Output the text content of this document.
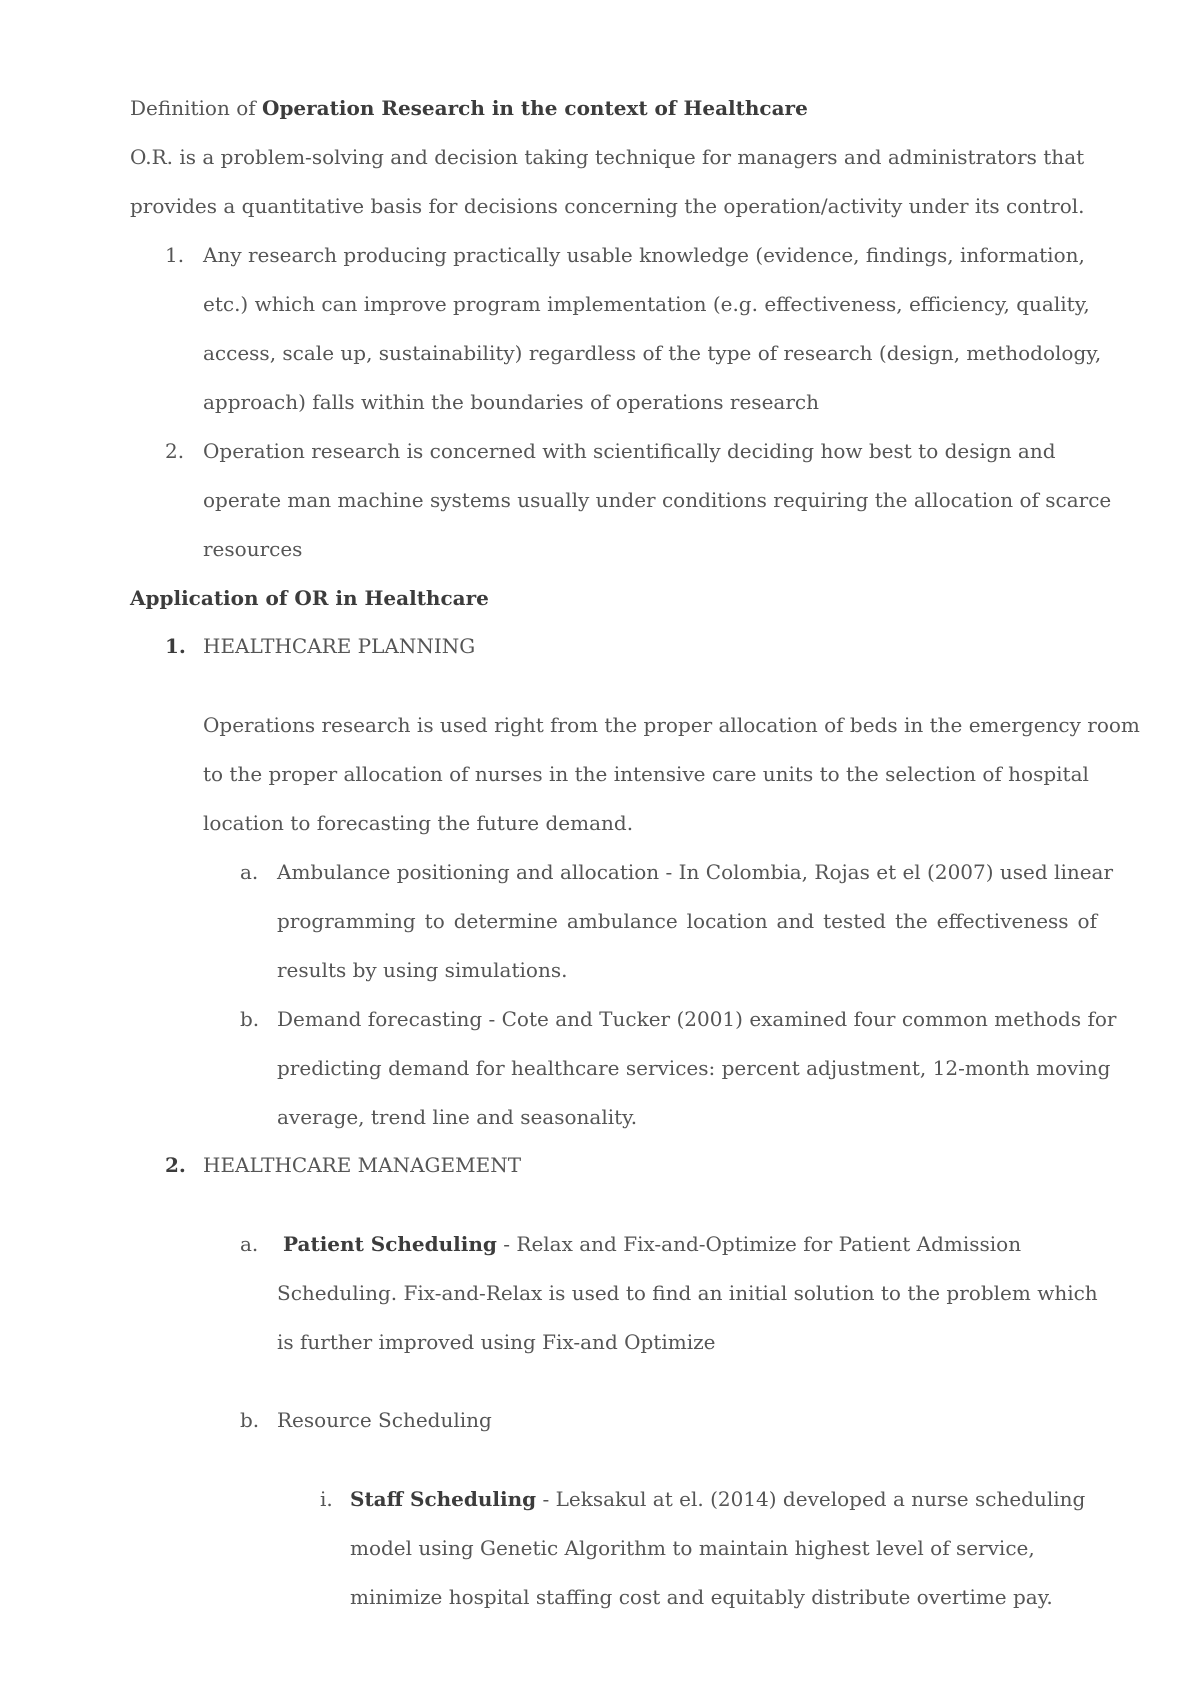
Definition of Operation Research in the context of Healthcare
O.R. is a problem-solving and decision taking technique for managers and administrators that
provides a quantitative basis for decisions concerning the operation/activity under its control.
1. Any research producing practically usable knowledge (evidence, findings, information,
etc.) which can improve program implementation (e.g. effectiveness, efficiency, quality,
access, scale up, sustainability) regardless of the type of research (design, methodology,
approach) falls within the boundaries of operations research
2. Operation research is concerned with scientifically deciding how best to design and
operate man machine systems usually under conditions requiring the allocation of scarce
resources
Application of OR in Healthcare
1. HEALTHCARE PLANNING
Operations research is used right from the proper allocation of beds in the emergency room
to the proper allocation of nurses in the intensive care units to the selection of hospital
location to forecasting the future demand.
a. Ambulance positioning and allocation - In Colombia, Rojas et el (2007) used linear
programming to determine ambulance location and tested the effectiveness of
results by using simulations.
b. Demand forecasting - Cote and Tucker (2001) examined four common methods for
predicting demand for healthcare services: percent adjustment, 12-month moving
average, trend line and seasonality.
2. HEALTHCARE MANAGEMENT
a. Patient Scheduling - Relax and Fix-and-Optimize for Patient Admission
Scheduling. Fix-and-Relax is used to find an initial solution to the problem which
is further improved using Fix-and Optimize
b. Resource Scheduling
i. Staff Scheduling - Leksakul at el. (2014) developed a nurse scheduling
model using Genetic Algorithm to maintain highest level of service,
minimize hospital staffing cost and equitably distribute overtime pay.
